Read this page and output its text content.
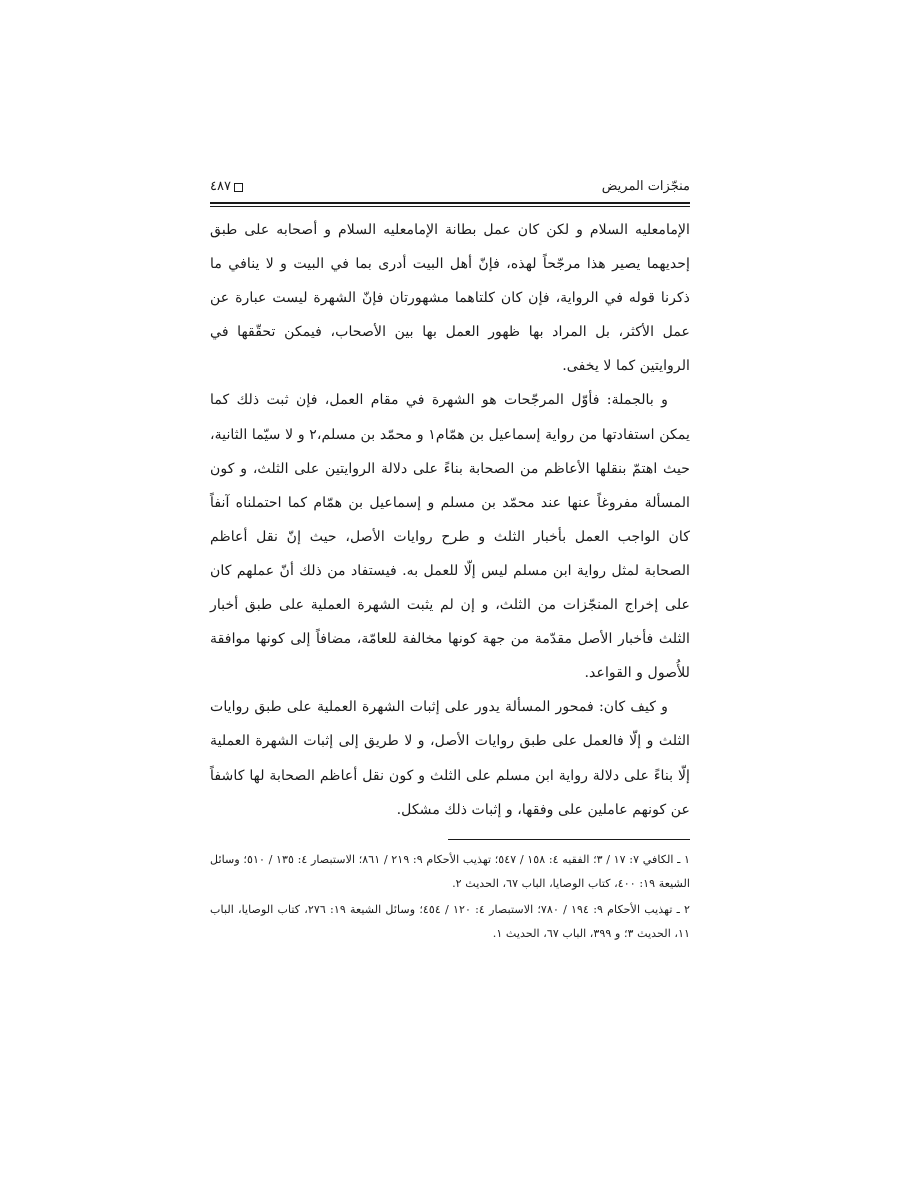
منجّزات المريض
٤٨٧

الإمامعليه السلام و لكن كان عمل بطانة الإمامعليه السلام و أصحابه على طبق إحديهما يصير هذا مرجّحاً لهذه، فإنّ أهل البيت أدرى بما في البيت و لا ينافي ما ذكرنا قوله في الرواية، فإن كان كلتاهما مشهورتان فإنّ الشهرة ليست عبارة عن عمل الأكثر، بل المراد بها ظهور العمل بها بين الأصحاب، فيمكن تحقّقها في الروايتين كما لا يخفى.

و بالجملة: فأوّل المرجّحات هو الشهرة في مقام العمل، فإن ثبت ذلك كما يمكن استفادتها من رواية إسماعيل بن همّام١ و محمّد بن مسلم،٢ و لا سيّما الثانية، حيث اهتمّ بنقلها الأعاظم من الصحابة بناءً على دلالة الروايتين على الثلث، و كون المسألة مفروغاً عنها عند محمّد بن مسلم و إسماعيل بن همّام كما احتملناه آنفاً كان الواجب العمل بأخبار الثلث و طرح روايات الأصل، حيث إنّ نقل أعاظم الصحابة لمثل رواية ابن مسلم ليس إلّا للعمل به. فيستفاد من ذلك أنّ عملهم كان على إخراج المنجّزات من الثلث، و إن لم يثبت الشهرة العملية على طبق أخبار الثلث فأخبار الأصل مقدّمة من جهة كونها مخالفة للعامّة، مضافاً إلى كونها موافقة للأُصول و القواعد.

و كيف كان: فمحور المسألة يدور على إثبات الشهرة العملية على طبق روايات الثلث و إلّا فالعمل على طبق روايات الأصل، و لا طريق إلى إثبات الشهرة العملية إلّا بناءً على دلالة رواية ابن مسلم على الثلث و كون نقل أعاظم الصحابة لها كاشفاً عن كونهم عاملين على وفقها، و إثبات ذلك مشكل.

١ ـ الكافي ٧: ١٧ / ٣؛ الفقيه ٤: ١٥٨ / ٥٤٧؛ تهذيب الأحكام ٩: ٢١٩ / ٨٦١؛ الاستبصار ٤: ١٣٥ / ٥١٠؛ وسائل الشيعة ١٩: ٤٠٠، كتاب الوصايا، الباب ٦٧، الحديث ٢.

٢ ـ تهذيب الأحكام ٩: ١٩٤ / ٧٨٠؛ الاستبصار ٤: ١٢٠ / ٤٥٤؛ وسائل الشيعة ١٩: ٢٧٦، كتاب الوصايا، الباب ١١، الحديث ٣؛ و ٣٩٩، الباب ٦٧، الحديث ١.
